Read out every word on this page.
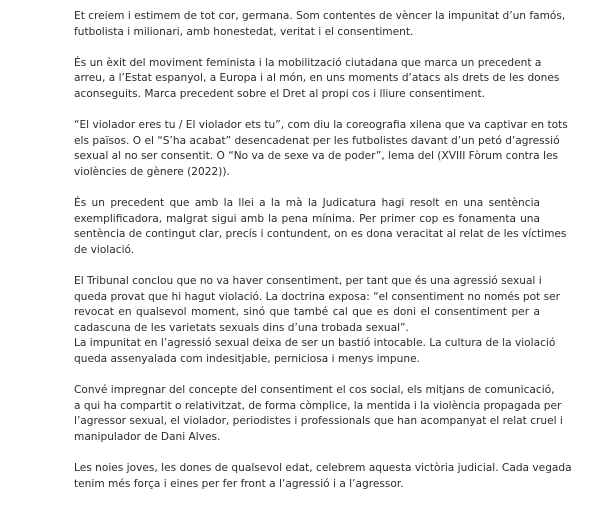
Et creiem i estimem de tot cor, germana. Som contentes de vèncer la impunitat d’un famós,
futbolista i milionari, amb honestedat, veritat i el consentiment.

És un èxit del moviment feminista i la mobilització ciutadana que marca un precedent a
arreu, a l’Estat espanyol, a Europa i al món, en uns moments d’atacs als drets de les dones
aconseguits. Marca precedent sobre el Dret al propi cos i lliure consentiment.

“El violador eres tu / El violador ets tu”, com diu la coreografia xilena que va captivar en tots
els països. O el “S’ha acabat” desencadenat per les futbolistes davant d’un petó d’agressió
sexual al no ser consentit. O “No va de sexe va de poder”, lema del (XVIII Fòrum contra les
violències de gènere (2022)).

És un precedent que amb la llei a la mà la Judicatura hagi resolt en una sentència
exemplificadora, malgrat sigui amb la pena mínima. Per primer cop es fonamenta una
sentència de contingut clar, precís i contundent, on es dona veracitat al relat de les víctimes
de violació.

El Tribunal conclou que no va haver consentiment, per tant que és una agressió sexual i
queda provat que hi hagut violació. La doctrina exposa: “el consentiment no només pot ser
revocat en qualsevol moment, sinó que també cal que es doni el consentiment per a
cadascuna de les varietats sexuals dins d’una trobada sexual”.

La impunitat en l’agressió sexual deixa de ser un bastió intocable. La cultura de la violació
queda assenyalada com indesitjable, perniciosa i menys impune.

Convé impregnar del concepte del consentiment el cos social, els mitjans de comunicació,
a qui ha compartit o relativitzat, de forma còmplice, la mentida i la violència propagada per
l’agressor sexual, el violador, periodistes i professionals que han acompanyat el relat cruel i
manipulador de Dani Alves.

Les noies joves, les dones de qualsevol edat, celebrem aquesta victòria judicial. Cada vegada
tenim més força i eines per fer front a l’agressió i a l’agressor.
